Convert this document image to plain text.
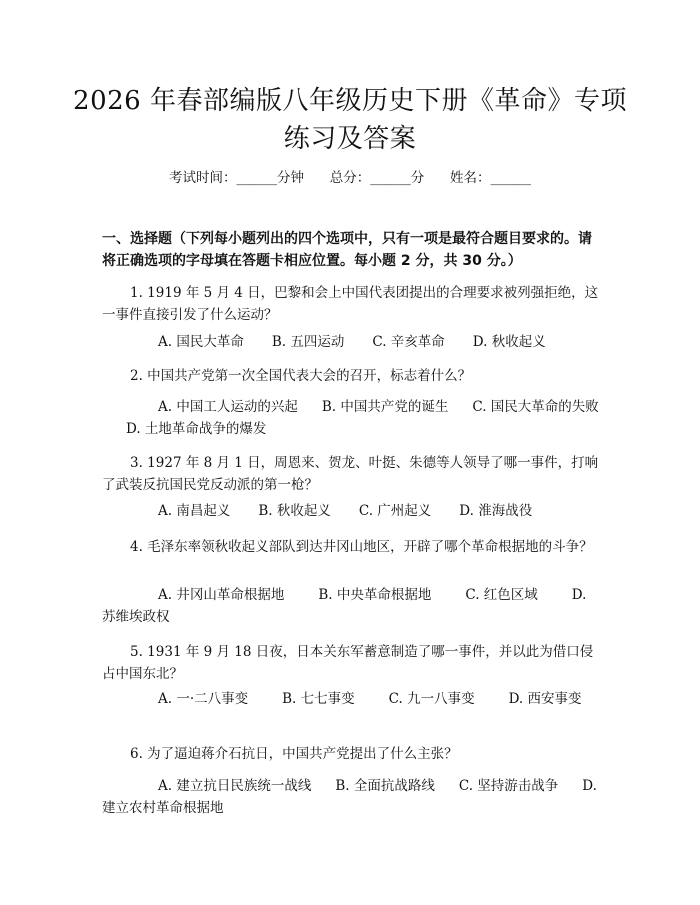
2026 年春部编版八年级历史下册《革命》专项练习及答案
考试时间：______分钟      总分：______分      姓名：______
一、选择题（下列每小题列出的四个选项中，只有一项是最符合题目要求的。请将正确选项的字母填在答题卡相应位置。每小题 2 分，共 30 分。）
1. 1919 年 5 月 4 日，巴黎和会上中国代表团提出的合理要求被列强拒绝，这一事件直接引发了什么运动？
A. 国民大革命 B. 五四运动 C. 辛亥革命 D. 秋收起义
2. 中国共产党第一次全国代表大会的召开，标志着什么？
A. 中国工人运动的兴起 B. 中国共产党的诞生 C. 国民大革命的失败D. 土地革命战争的爆发
3. 1927 年 8 月 1 日，周恩来、贺龙、叶挺、朱德等人领导了哪一事件，打响了武装反抗国民党反动派的第一枪？
A. 南昌起义 B. 秋收起义 C. 广州起义 D. 淮海战役
4. 毛泽东率领秋收起义部队到达井冈山地区，开辟了哪个革命根据地的斗争？
A. 井冈山革命根据地	B. 中央革命根据地	C. 红色区域	D. 苏维埃政权
5. 1931 年 9 月 18 日夜，日本关东军蓄意制造了哪一事件，并以此为借口侵占中国东北？
A. 一·二八事变	B. 七七事变	C. 九一八事变	D. 西安事变
6. 为了逼迫蒋介石抗日，中国共产党提出了什么主张？
A. 建立抗日民族统一战线 B. 全面抗战路线 C. 坚持游击战争 D. 建立农村革命根据地
